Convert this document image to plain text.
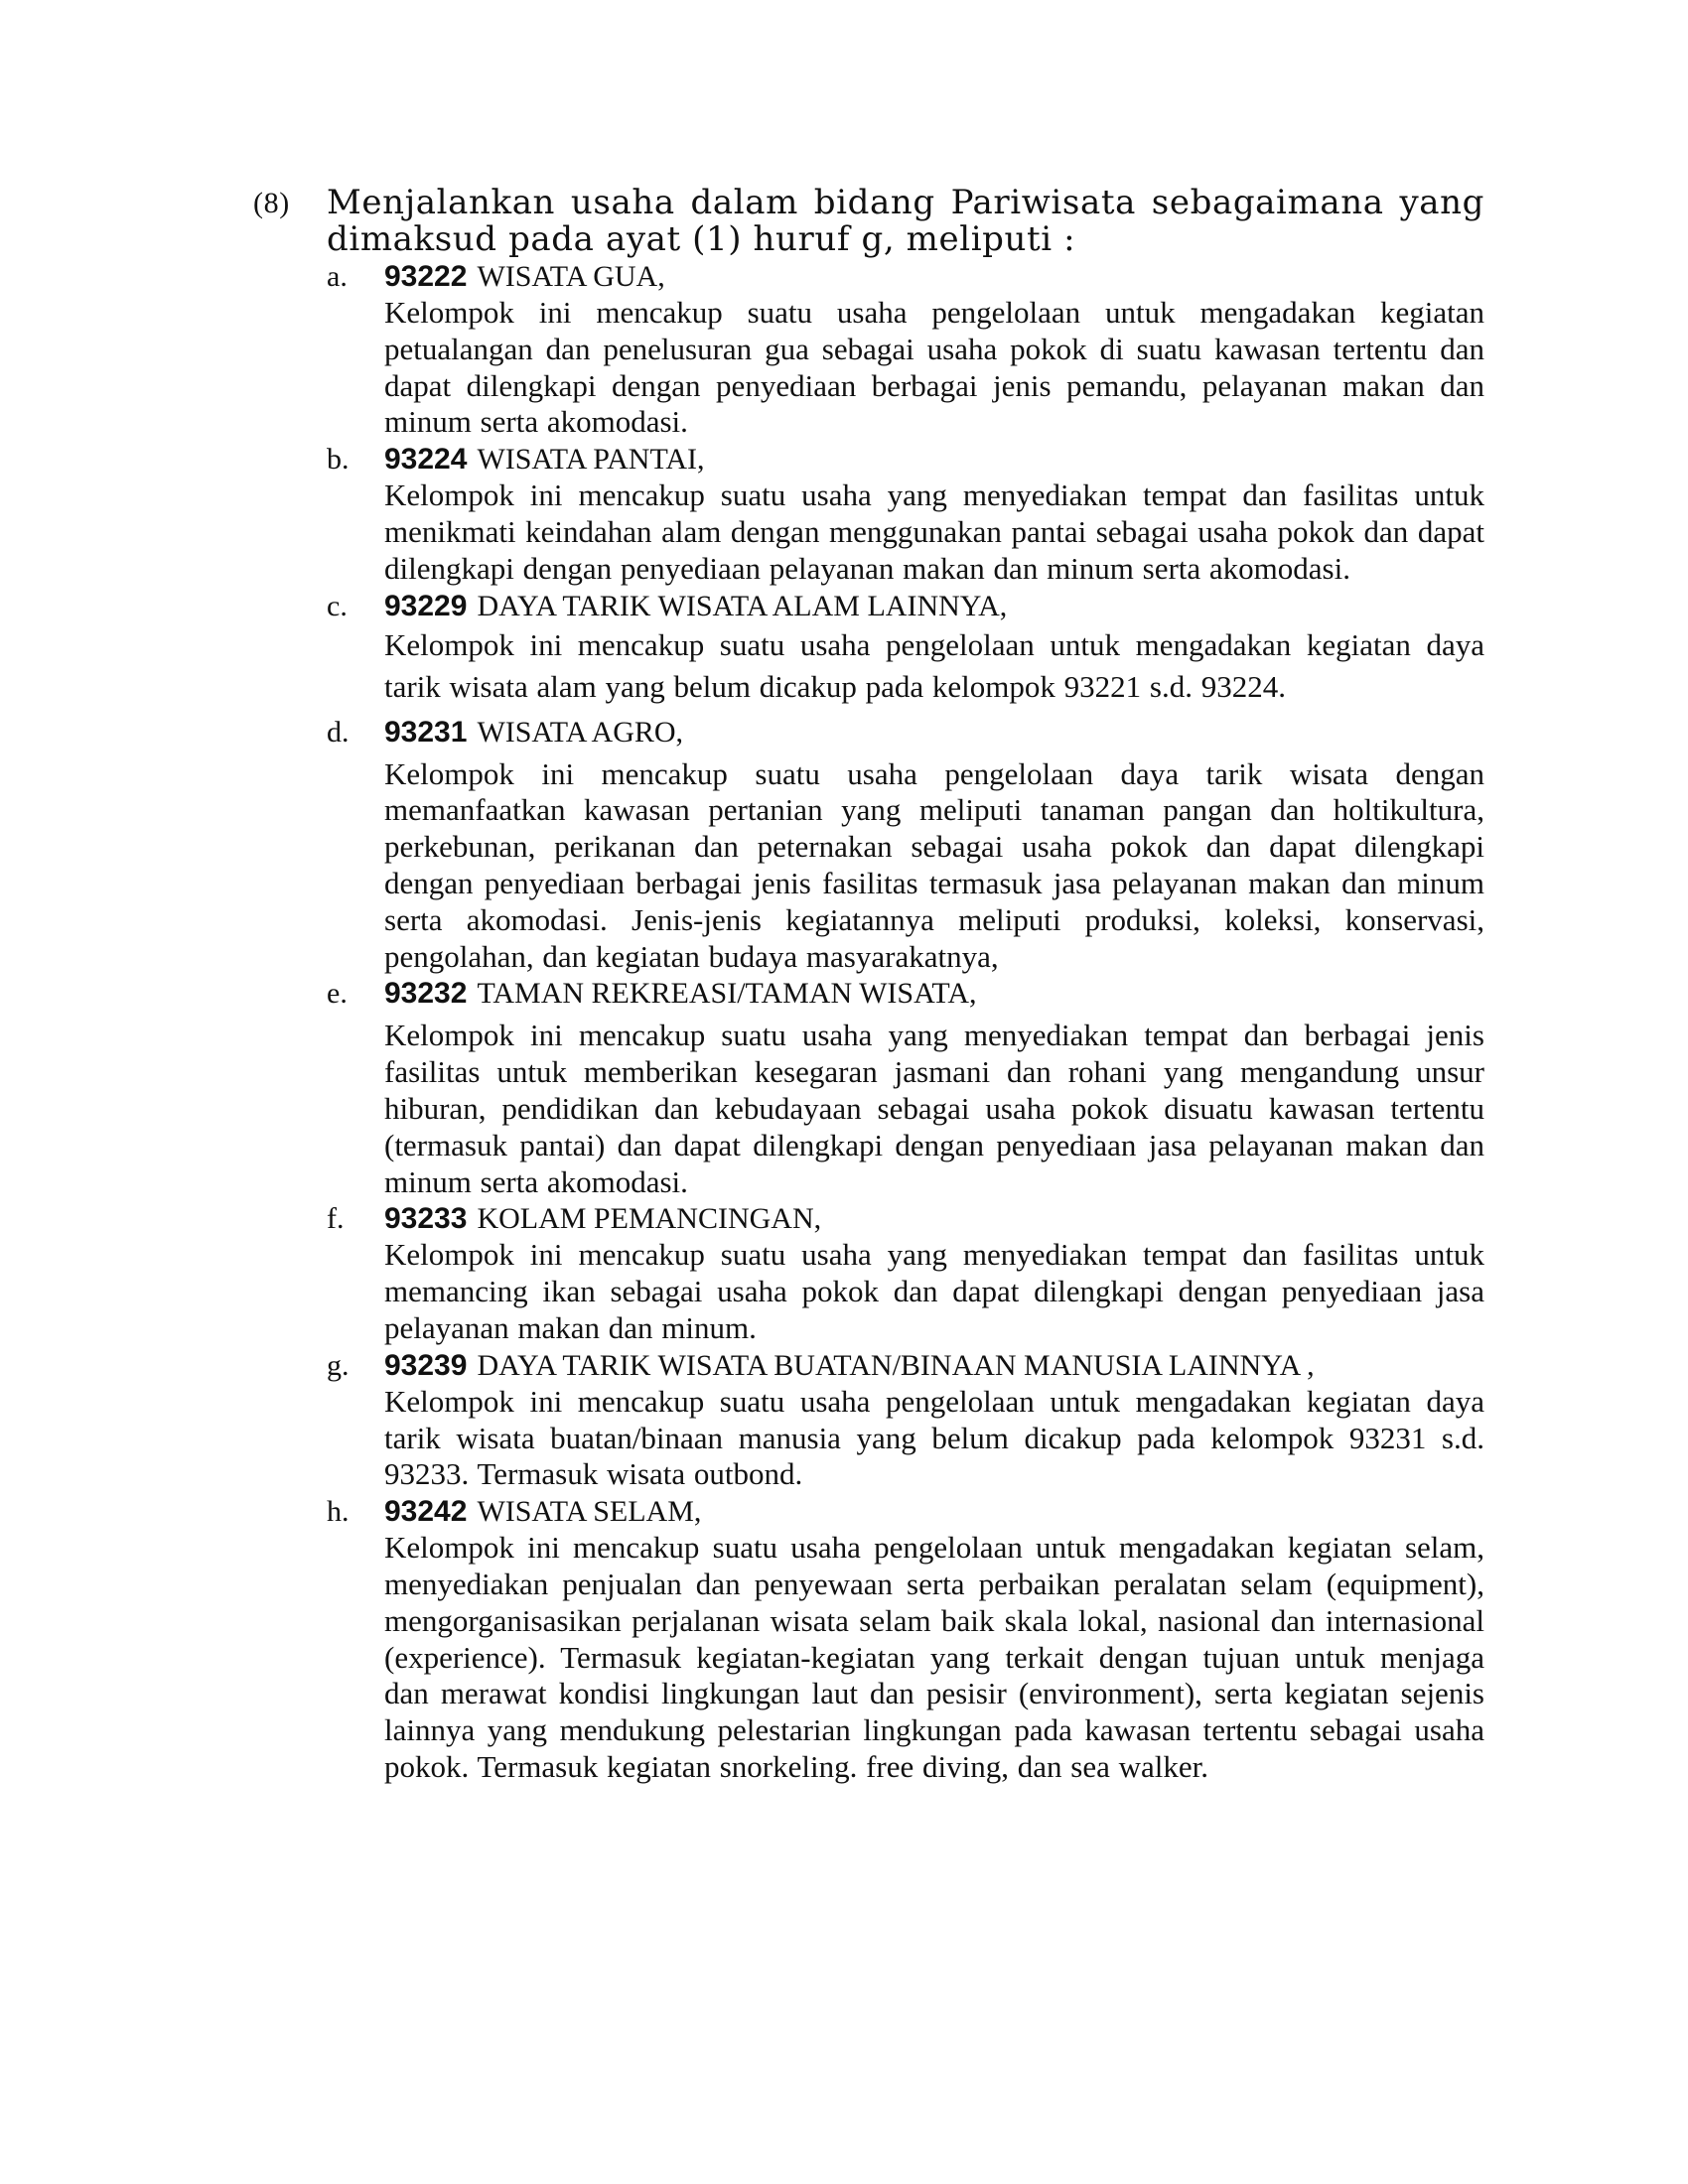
(8) Menjalankan usaha dalam bidang Pariwisata sebagaimana yang dimaksud pada ayat (1) huruf g, meliputi :
a. 93222 WISATA GUA,
Kelompok ini mencakup suatu usaha pengelolaan untuk mengadakan kegiatan petualangan dan penelusuran gua sebagai usaha pokok di suatu kawasan tertentu dan dapat dilengkapi dengan penyediaan berbagai jenis pemandu, pelayanan makan dan minum serta akomodasi.
b. 93224 WISATA PANTAI,
Kelompok ini mencakup suatu usaha yang menyediakan tempat dan fasilitas untuk menikmati keindahan alam dengan menggunakan pantai sebagai usaha pokok dan dapat dilengkapi dengan penyediaan pelayanan makan dan minum serta akomodasi.
c. 93229 DAYA TARIK WISATA ALAM LAINNYA,
Kelompok ini mencakup suatu usaha pengelolaan untuk mengadakan kegiatan daya tarik wisata alam yang belum dicakup pada kelompok 93221 s.d. 93224.
d. 93231 WISATA AGRO,
Kelompok ini mencakup suatu usaha pengelolaan daya tarik wisata dengan memanfaatkan kawasan pertanian yang meliputi tanaman pangan dan holtikultura, perkebunan, perikanan dan peternakan sebagai usaha pokok dan dapat dilengkapi dengan penyediaan berbagai jenis fasilitas termasuk jasa pelayanan makan dan minum serta akomodasi. Jenis-jenis kegiatannya meliputi produksi, koleksi, konservasi, pengolahan, dan kegiatan budaya masyarakatnya,
e. 93232 TAMAN REKREASI/TAMAN WISATA,
Kelompok ini mencakup suatu usaha yang menyediakan tempat dan berbagai jenis fasilitas untuk memberikan kesegaran jasmani dan rohani yang mengandung unsur hiburan, pendidikan dan kebudayaan sebagai usaha pokok disuatu kawasan tertentu (termasuk pantai) dan dapat dilengkapi dengan penyediaan jasa pelayanan makan dan minum serta akomodasi.
f. 93233 KOLAM PEMANCINGAN,
Kelompok ini mencakup suatu usaha yang menyediakan tempat dan fasilitas untuk memancing ikan sebagai usaha pokok dan dapat dilengkapi dengan penyediaan jasa pelayanan makan dan minum.
g. 93239 DAYA TARIK WISATA BUATAN/BINAAN MANUSIA LAINNYA ,
Kelompok ini mencakup suatu usaha pengelolaan untuk mengadakan kegiatan daya tarik wisata buatan/binaan manusia yang belum dicakup pada kelompok 93231 s.d. 93233. Termasuk wisata outbond.
h. 93242 WISATA SELAM,
Kelompok ini mencakup suatu usaha pengelolaan untuk mengadakan kegiatan selam, menyediakan penjualan dan penyewaan serta perbaikan peralatan selam (equipment), mengorganisasikan perjalanan wisata selam baik skala lokal, nasional dan internasional (experience). Termasuk kegiatan-kegiatan yang terkait dengan tujuan untuk menjaga dan merawat kondisi lingkungan laut dan pesisir (environment), serta kegiatan sejenis lainnya yang mendukung pelestarian lingkungan pada kawasan tertentu sebagai usaha pokok. Termasuk kegiatan snorkeling. free diving, dan sea walker.
